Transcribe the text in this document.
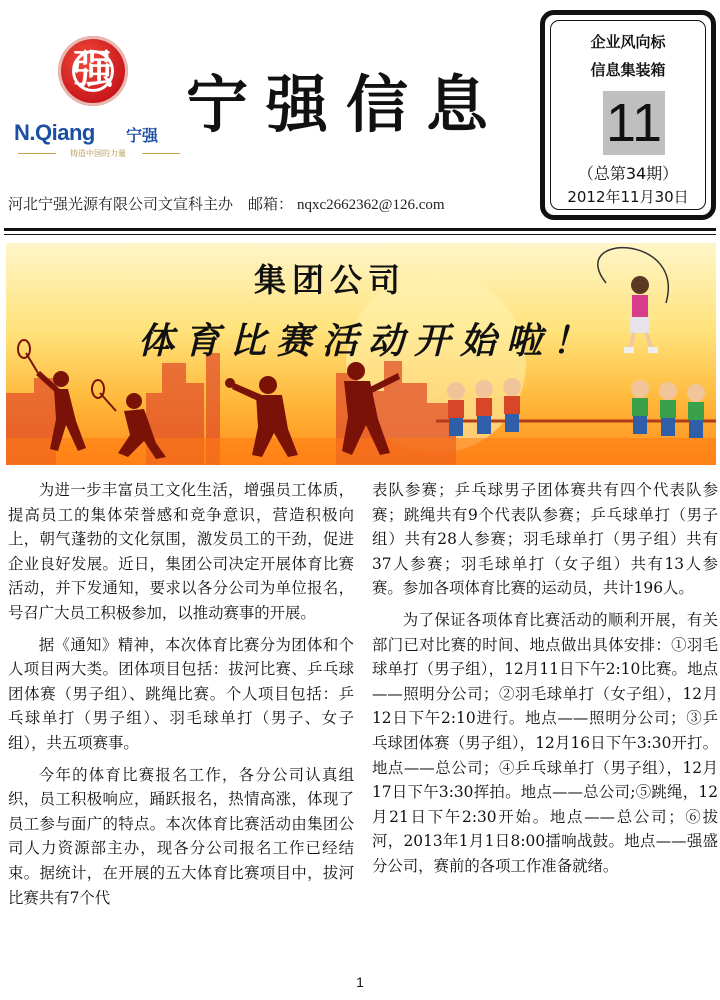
强
N.Qiang 宁强
铸造中国的力量
宁强信息
企业风向标
信息集装箱
11
（总第34期）
2012年11月30日
河北宁强光源有限公司文宣科主办　邮箱： nqxc2662362@126.com
集团公司
体育比赛活动开始啦！

为进一步丰富员工文化生活，增强员工体质，提高员工的集体荣誉感和竞争意识，营造积极向上，朝气蓬勃的文化氛围，激发员工的干劲，促进企业良好发展。近日，集团公司决定开展体育比赛活动，并下发通知，要求以各分公司为单位报名，号召广大员工积极参加，以推动赛事的开展。

据《通知》精神，本次体育比赛分为团体和个人项目两大类。团体项目包括：拔河比赛、乒乓球团体赛（男子组）、跳绳比赛。个人项目包括：乒乓球单打（男子组）、羽毛球单打（男子、女子组），共五项赛事。

今年的体育比赛报名工作，各分公司认真组织，员工积极响应，踊跃报名，热情高涨，体现了员工参与面广的特点。本次体育比赛活动由集团公司人力资源部主办，现各分公司报名工作已经结束。据统计，在开展的五大体育比赛项目中，拔河比赛共有7个代

表队参赛；乒乓球男子团体赛共有四个代表队参赛；跳绳共有9个代表队参赛；乒乓球单打（男子组）共有28人参赛；羽毛球单打（男子组）共有37人参赛；羽毛球单打（女子组）共有13人参赛。参加各项体育比赛的运动员，共计196人。

为了保证各项体育比赛活动的顺利开展，有关部门已对比赛的时间、地点做出具体安排：①羽毛球单打（男子组），12月11日下午2:10比赛。地点——照明分公司；②羽毛球单打（女子组），12月12日下午2:10进行。地点——照明分公司；③乒乓球团体赛（男子组），12月16日下午3:30开打。地点——总公司；④乒乓球单打（男子组），12月17日下午3:30挥拍。地点——总公司;⑤跳绳，12月21日下午2:30开始。地点——总公司；⑥拔河，2013年1月1日8:00擂响战鼓。地点——强盛分公司，赛前的各项工作准备就绪。

1
